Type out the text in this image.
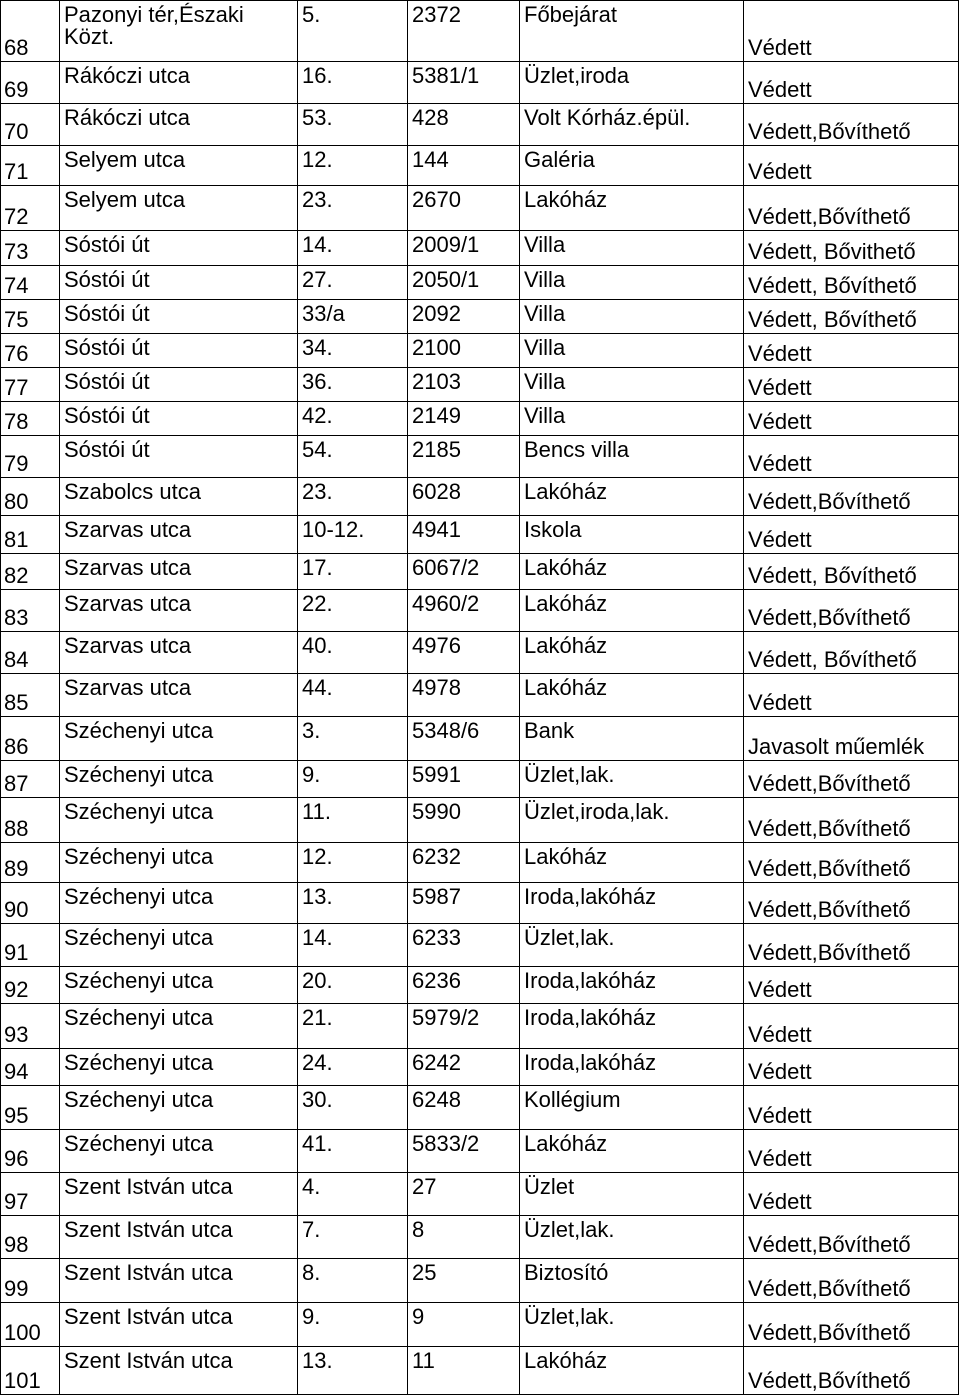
68	Pazonyi tér,Északi Közt.	5.	2372	Főbejárat	Védett
69	Rákóczi utca	16.	5381/1	Üzlet,iroda	Védett
70	Rákóczi utca	53.	428	Volt Kórház.épül.	Védett,Bővíthető
71	Selyem utca	12.	144	Galéria	Védett
72	Selyem utca	23.	2670	Lakóház	Védett,Bővíthető
73	Sóstói út	14.	2009/1	Villa	Védett, Bővithető
74	Sóstói út	27.	2050/1	Villa	Védett, Bővíthető
75	Sóstói út	33/a	2092	Villa	Védett, Bővíthető
76	Sóstói út	34.	2100	Villa	Védett
77	Sóstói út	36.	2103	Villa	Védett
78	Sóstói út	42.	2149	Villa	Védett
79	Sóstói út	54.	2185	Bencs villa	Védett
80	Szabolcs utca	23.	6028	Lakóház	Védett,Bővíthető
81	Szarvas utca	10-12.	4941	Iskola	Védett
82	Szarvas utca	17.	6067/2	Lakóház	Védett, Bővíthető
83	Szarvas utca	22.	4960/2	Lakóház	Védett,Bővíthető
84	Szarvas utca	40.	4976	Lakóház	Védett, Bővíthető
85	Szarvas utca	44.	4978	Lakóház	Védett
86	Széchenyi utca	3.	5348/6	Bank	Javasolt műemlék
87	Széchenyi utca	9.	5991	Üzlet,lak.	Védett,Bővíthető
88	Széchenyi utca	11.	5990	Üzlet,iroda,lak.	Védett,Bővíthető
89	Széchenyi utca	12.	6232	Lakóház	Védett,Bővíthető
90	Széchenyi utca	13.	5987	Iroda,lakóház	Védett,Bővíthető
91	Széchenyi utca	14.	6233	Üzlet,lak.	Védett,Bővíthető
92	Széchenyi utca	20.	6236	Iroda,lakóház	Védett
93	Széchenyi utca	21.	5979/2	Iroda,lakóház	Védett
94	Széchenyi utca	24.	6242	Iroda,lakóház	Védett
95	Széchenyi utca	30.	6248	Kollégium	Védett
96	Széchenyi utca	41.	5833/2	Lakóház	Védett
97	Szent István utca	4.	27	Üzlet	Védett
98	Szent István utca	7.	8	Üzlet,lak.	Védett,Bővíthető
99	Szent István utca	8.	25	Biztosító	Védett,Bővíthető
100	Szent István utca	9.	9	Üzlet,lak.	Védett,Bővíthető
101	Szent István utca	13.	11	Lakóház	Védett,Bővíthető
